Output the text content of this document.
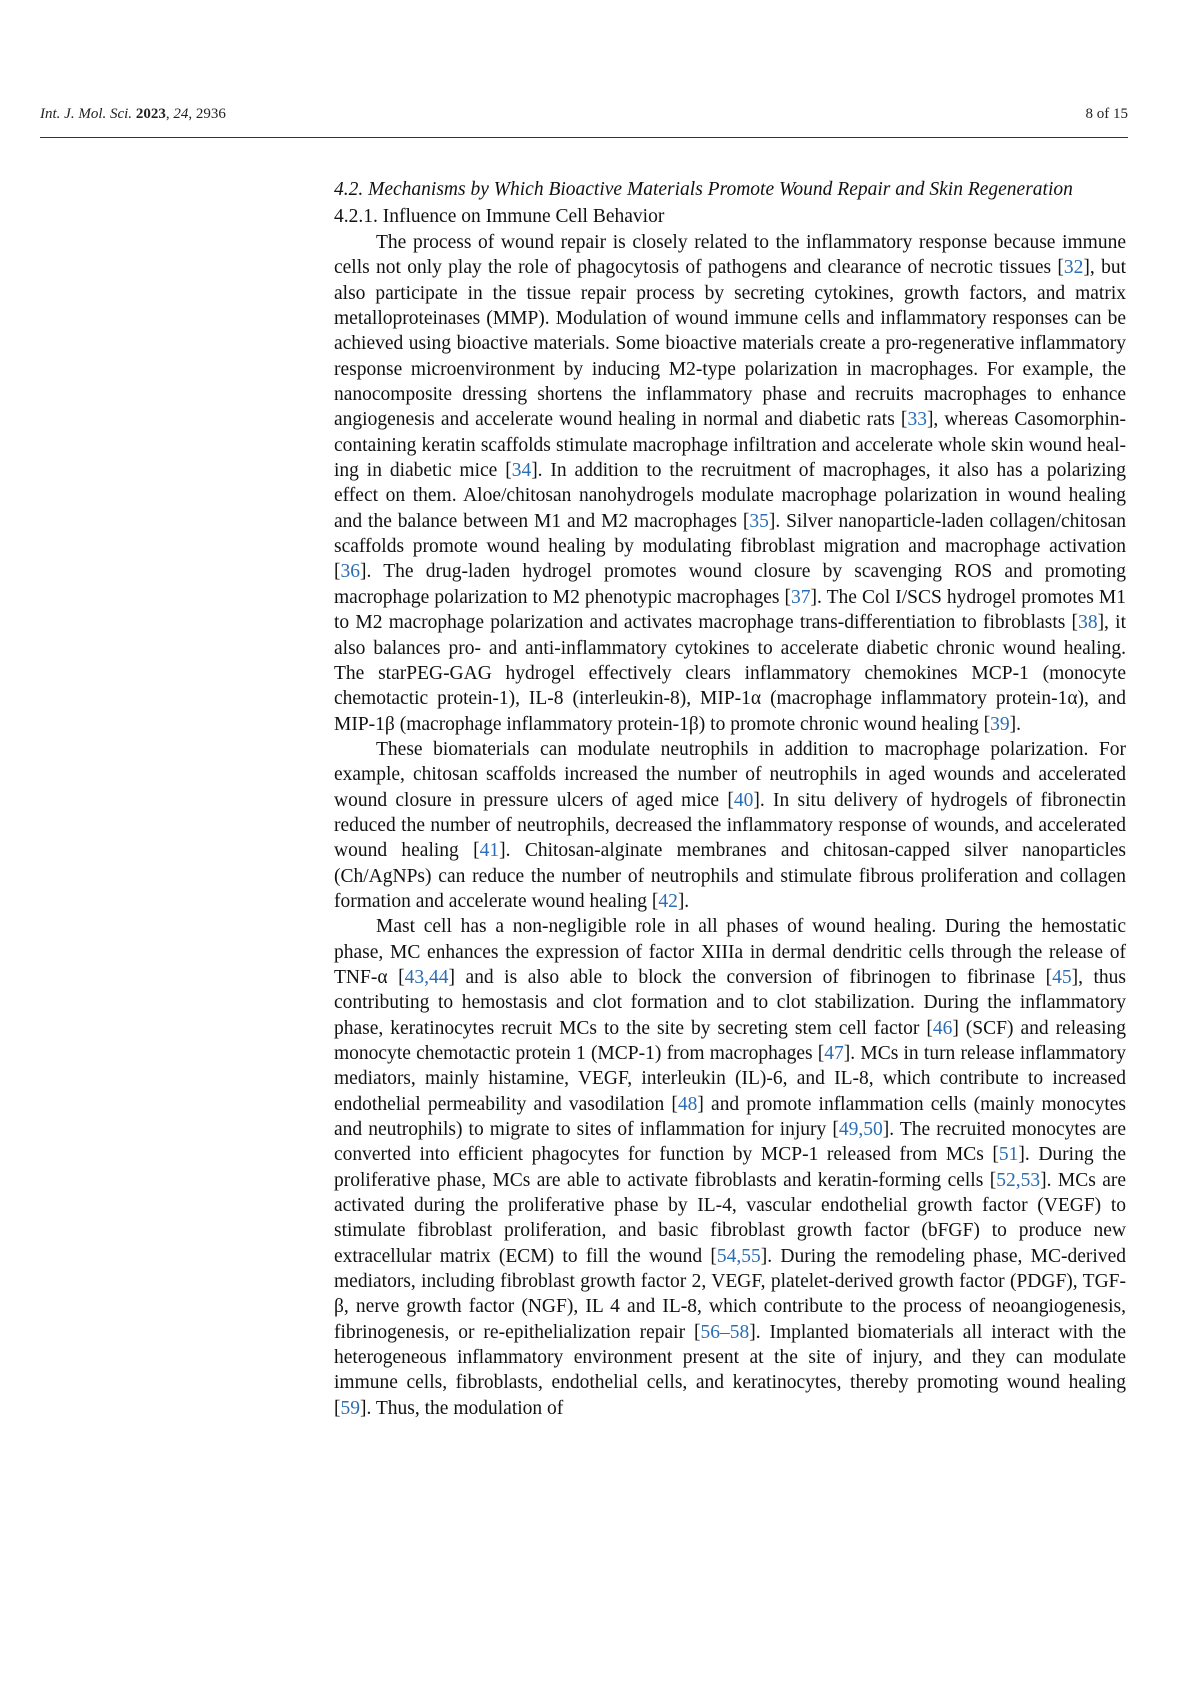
Int. J. Mol. Sci. 2023, 24, 2936	8 of 15

4.2. Mechanisms by Which Bioactive Materials Promote Wound Repair and Skin Regeneration

4.2.1. Influence on Immune Cell Behavior

The process of wound repair is closely related to the inflammatory response because immune cells not only play the role of phagocytosis of pathogens and clearance of necrotic tissues [32], but also participate in the tissue repair process by secreting cytokines, growth factors, and matrix metalloproteinases (MMP). Modulation of wound immune cells and inflammatory responses can be achieved using bioactive materials. Some bioactive materials create a pro-regenerative inflammatory response microenvironment by inducing M2-type polarization in macrophages. For example, the nanocomposite dressing shortens the inflammatory phase and recruits macrophages to enhance angiogenesis and accelerate wound healing in normal and diabetic rats [33], whereas Casomorphin-containing keratin scaffolds stimulate macrophage infiltration and accelerate whole skin wound healing in diabetic mice [34]. In addition to the recruitment of macrophages, it also has a polarizing effect on them. Aloe/chitosan nanohydrogels modulate macrophage polarization in wound healing and the balance between M1 and M2 macrophages [35]. Silver nanoparticle-laden collagen/chitosan scaffolds promote wound healing by modulating fibroblast migration and macrophage activation [36]. The drug-laden hydrogel promotes wound closure by scavenging ROS and promoting macrophage polarization to M2 phenotypic macrophages [37]. The Col I/SCS hydrogel promotes M1 to M2 macrophage polarization and activates macrophage trans-differentiation to fibroblasts [38], it also balances pro- and anti-inflammatory cytokines to accelerate diabetic chronic wound healing. The starPEG-GAG hydrogel effectively clears inflammatory chemokines MCP-1 (monocyte chemotactic protein-1), IL-8 (interleukin-8), MIP-1α (macrophage inflammatory protein-1α), and MIP-1β (macrophage inflammatory protein-1β) to promote chronic wound healing [39].

These biomaterials can modulate neutrophils in addition to macrophage polarization. For example, chitosan scaffolds increased the number of neutrophils in aged wounds and accelerated wound closure in pressure ulcers of aged mice [40]. In situ delivery of hydrogels of fibronectin reduced the number of neutrophils, decreased the inflammatory response of wounds, and accelerated wound healing [41]. Chitosan-alginate membranes and chitosan-capped silver nanoparticles (Ch/AgNPs) can reduce the number of neutrophils and stimulate fibrous proliferation and collagen formation and accelerate wound healing [42].

Mast cell has a non-negligible role in all phases of wound healing. During the hemostatic phase, MC enhances the expression of factor XIIIa in dermal dendritic cells through the release of TNF-α [43,44] and is also able to block the conversion of fibrinogen to fibrinase [45], thus contributing to hemostasis and clot formation and to clot stabilization. During the inflammatory phase, keratinocytes recruit MCs to the site by secreting stem cell factor [46] (SCF) and releasing monocyte chemotactic protein 1 (MCP-1) from macrophages [47]. MCs in turn release inflammatory mediators, mainly histamine, VEGF, interleukin (IL)-6, and IL-8, which contribute to increased endothelial permeability and vasodilation [48] and promote inflammation cells (mainly monocytes and neutrophils) to migrate to sites of inflammation for injury [49,50]. The recruited monocytes are converted into efficient phagocytes for function by MCP-1 released from MCs [51]. During the proliferative phase, MCs are able to activate fibroblasts and keratin-forming cells [52,53]. MCs are activated during the proliferative phase by IL-4, vascular endothelial growth factor (VEGF) to stimulate fibroblast proliferation, and basic fibroblast growth factor (bFGF) to produce new extracellular matrix (ECM) to fill the wound [54,55]. During the remodeling phase, MC-derived mediators, including fibroblast growth factor 2, VEGF, platelet-derived growth factor (PDGF), TGF-β, nerve growth factor (NGF), IL 4 and IL-8, which contribute to the process of neoangiogenesis, fibrinogenesis, or re-epithelialization repair [56–58]. Implanted biomaterials all interact with the heterogeneous inflammatory environment present at the site of injury, and they can modulate immune cells, fibroblasts, endothelial cells, and keratinocytes, thereby promoting wound healing [59]. Thus, the modulation of
